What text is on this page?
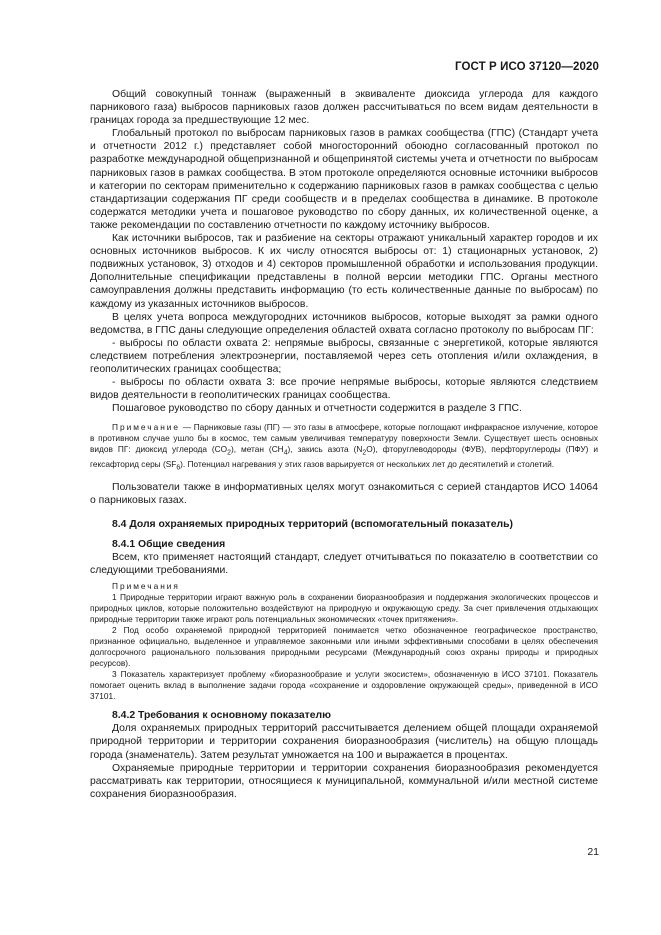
ГОСТ Р ИСО 37120—2020

Общий совокупный тоннаж (выраженный в эквиваленте диоксида углерода для каждого парникового газа) выбросов парниковых газов должен рассчитываться по всем видам деятельности в границах города за предшествующие 12 мес.

Глобальный протокол по выбросам парниковых газов в рамках сообщества (ГПС) (Стандарт учета и отчетности 2012 г.) представляет собой многосторонний обоюдно согласованный протокол по разработке международной общепризнанной и общепринятой системы учета и отчетности по выбросам парниковых газов в рамках сообщества. В этом протоколе определяются основные источники выбросов и категории по секторам применительно к содержанию парниковых газов в рамках сообщества с целью стандартизации содержания ПГ среди сообществ и в пределах сообщества в динамике. В протоколе содержатся методики учета и пошаговое руководство по сбору данных, их количественной оценке, а также рекомендации по составлению отчетности по каждому источнику выбросов.

Как источники выбросов, так и разбиение на секторы отражают уникальный характер городов и их основных источников выбросов. К их числу относятся выбросы от: 1) стационарных установок, 2) подвижных установок, 3) отходов и 4) секторов промышленной обработки и использования продукции. Дополнительные спецификации представлены в полной версии методики ГПС. Органы местного самоуправления должны представить информацию (то есть количественные данные по выбросам) по каждому из указанных источников выбросов.

В целях учета вопроса междугородних источников выбросов, которые выходят за рамки одного ведомства, в ГПС даны следующие определения областей охвата согласно протоколу по выбросам ПГ:

- выбросы по области охвата 2: непрямые выбросы, связанные с энергетикой, которые являются следствием потребления электроэнергии, поставляемой через сеть отопления и/или охлаждения, в геополитических границах сообщества;

- выбросы по области охвата 3: все прочие непрямые выбросы, которые являются следствием видов деятельности в геополитических границах сообщества.

Пошаговое руководство по сбору данных и отчетности содержится в разделе 3 ГПС.

Примечание — Парниковые газы (ПГ) — это газы в атмосфере, которые поглощают инфракрасное излучение, которое в противном случае ушло бы в космос, тем самым увеличивая температуру поверхности Земли. Существует шесть основных видов ПГ: диоксид углерода $(CO_2)$, метан $(CH_4)$, закись азота $(N_2O)$, фторуглеводороды (ФУВ), перфторуглероды (ПФУ) и гексафторид серы $(SF_6)$. Потенциал нагревания у этих газов варьируется от нескольких лет до десятилетий и столетий.

Пользователи также в информативных целях могут ознакомиться с серией стандартов ИСО 14064 о парниковых газах.

8.4 Доля охраняемых природных территорий (вспомогательный показатель)

8.4.1 Общие сведения

Всем, кто применяет настоящий стандарт, следует отчитываться по показателю в соответствии со следующими требованиями.

Примечания

1 Природные территории играют важную роль в сохранении биоразнообразия и поддержания экологических процессов и природных циклов, которые положительно воздействуют на природную и окружающую среду. За счет привлечения отдыхающих природные территории также играют роль потенциальных экономических «точек притяжения».

2 Под особо охраняемой природной территорией понимается четко обозначенное географическое пространство, признанное официально, выделенное и управляемое законными или иными эффективными способами в целях обеспечения долгосрочного рационального пользования природными ресурсами (Международный союз охраны природы и природных ресурсов).

3 Показатель характеризует проблему «биоразнообразие и услуги экосистем», обозначенную в ИСО 37101. Показатель помогает оценить вклад в выполнение задачи города «сохранение и оздоровление окружающей среды», приведенной в ИСО 37101.

8.4.2 Требования к основному показателю

Доля охраняемых природных территорий рассчитывается делением общей площади охраняемой природной территории и территории сохранения биоразнообразия (числитель) на общую площадь города (знаменатель). Затем результат умножается на 100 и выражается в процентах.

Охраняемые природные территории и территории сохранения биоразнообразия рекомендуется рассматривать как территории, относящиеся к муниципальной, коммунальной и/или местной системе сохранения биоразнообразия.

21
